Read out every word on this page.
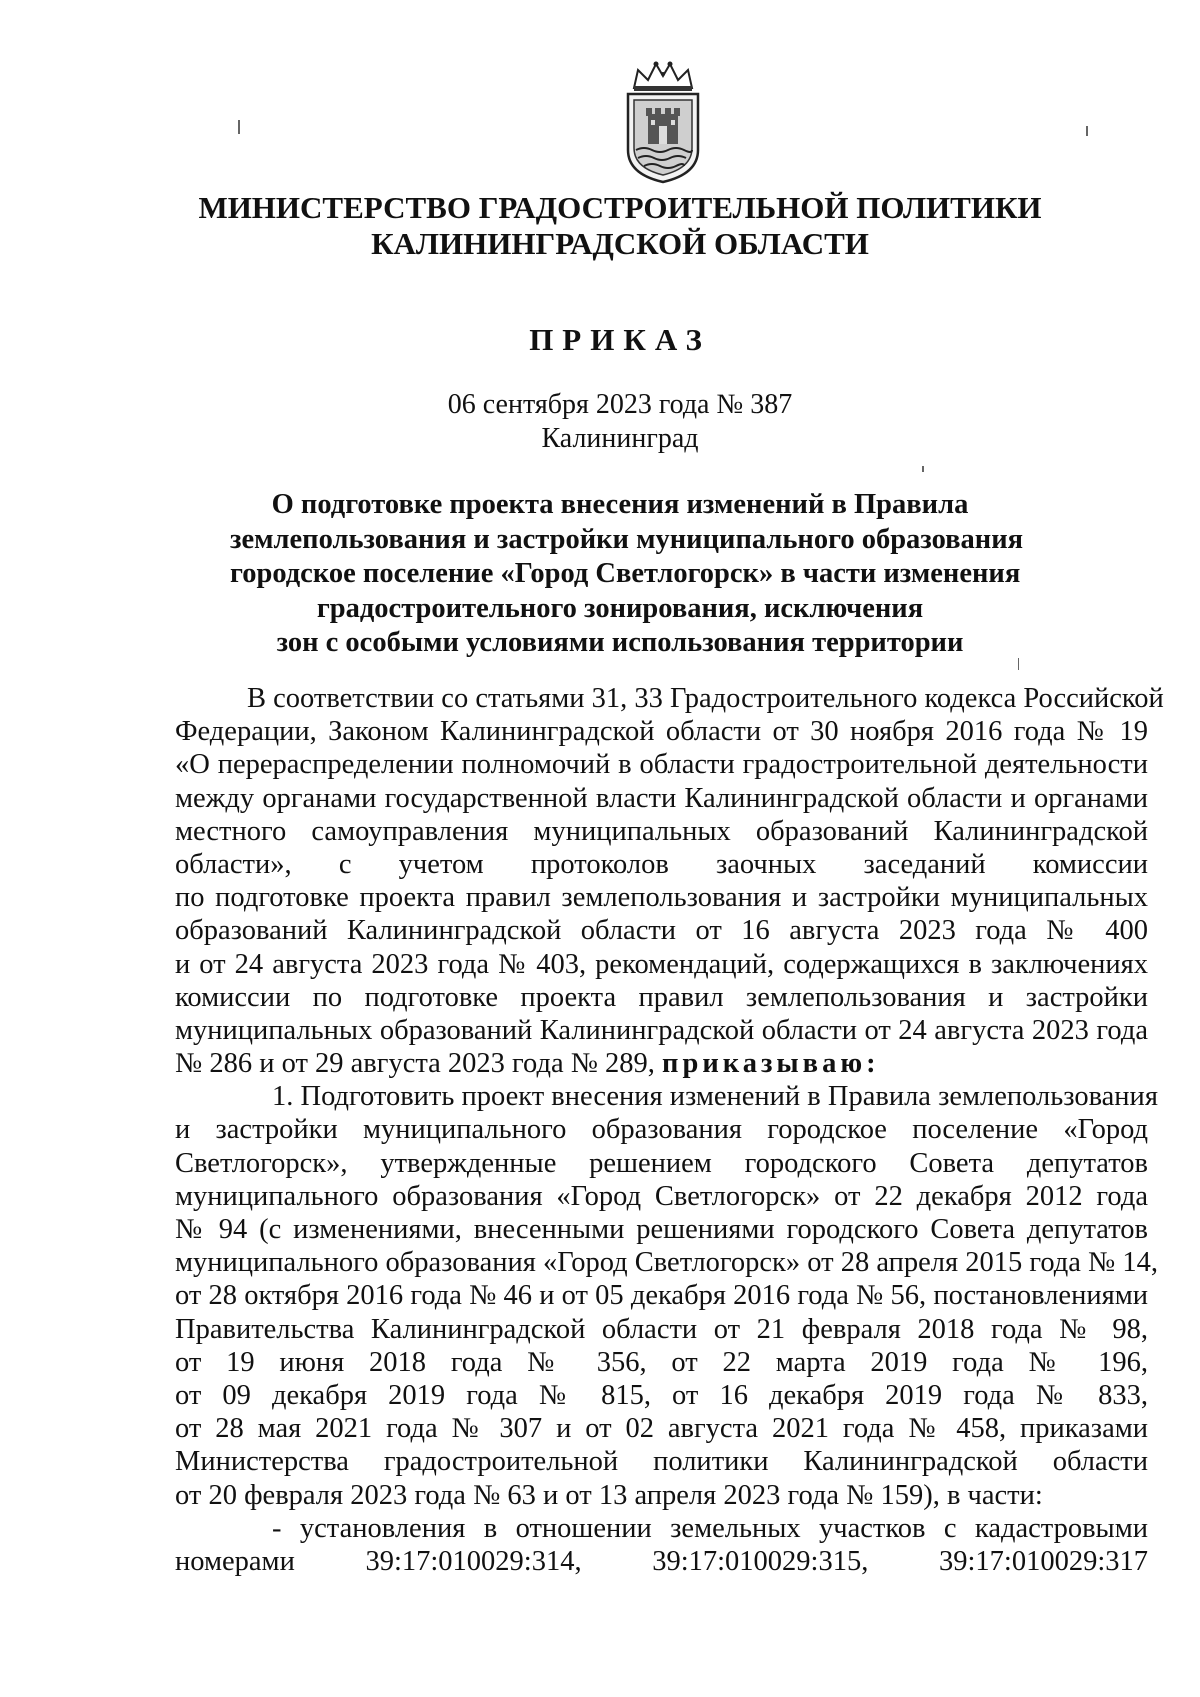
МИНИСТЕРСТВО ГРАДОСТРОИТЕЛЬНОЙ ПОЛИТИКИ
КАЛИНИНГРАДСКОЙ ОБЛАСТИ
ПРИКАЗ
06 сентября 2023 года № 387
Калининград
О подготовке проекта внесения изменений в Правила
землепользования и застройки муниципального образования
городское поселение «Город Светлогорск» в части изменения
градостроительного зонирования, исключения
зон с особыми условиями использования территории
В соответствии со статьями 31, 33 Градостроительного кодекса Российской
Федерации, Законом Калининградской области от 30 ноября 2016 года № 19
«О перераспределении полномочий в области градостроительной деятельности
между органами государственной власти Калининградской области и органами
местного самоуправления муниципальных образований Калининградской
области», с учетом протоколов заочных заседаний комиссии
по подготовке проекта правил землепользования и застройки муниципальных
образований Калининградской области от 16 августа 2023 года № 400
и от 24 августа 2023 года № 403, рекомендаций, содержащихся в заключениях
комиссии по подготовке проекта правил землепользования и застройки
муниципальных образований Калининградской области от 24 августа 2023 года
№ 286 и от 29 августа 2023 года № 289, приказываю:
1. Подготовить проект внесения изменений в Правила землепользования
и застройки муниципального образования городское поселение «Город
Светлогорск», утвержденные решением городского Совета депутатов
муниципального образования «Город Светлогорск» от 22 декабря 2012 года
№ 94 (с изменениями, внесенными решениями городского Совета депутатов
муниципального образования «Город Светлогорск» от 28 апреля 2015 года № 14,
от 28 октября 2016 года № 46 и от 05 декабря 2016 года № 56, постановлениями
Правительства Калининградской области от 21 февраля 2018 года № 98,
от 19 июня 2018 года № 356, от 22 марта 2019 года № 196,
от 09 декабря 2019 года № 815, от 16 декабря 2019 года № 833,
от 28 мая 2021 года № 307 и от 02 августа 2021 года № 458, приказами
Министерства градостроительной политики Калининградской области
от 20 февраля 2023 года № 63 и от 13 апреля 2023 года № 159), в части:
- установления в отношении земельных участков с кадастровыми
номерами 39:17:010029:314, 39:17:010029:315, 39:17:010029:317
